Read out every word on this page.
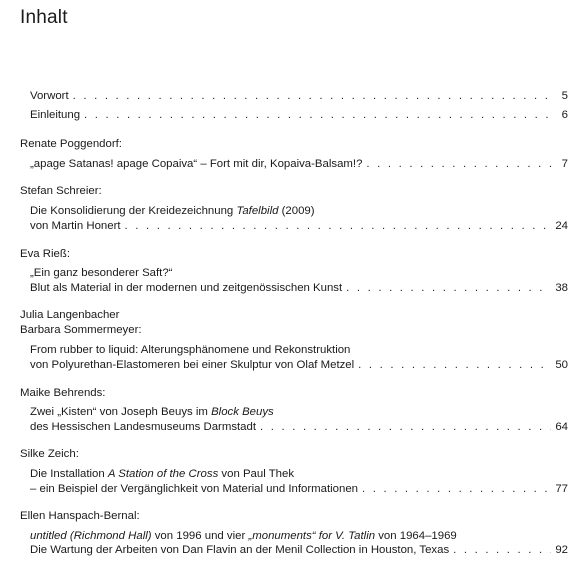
Inhalt
Vorwort . . .	5
Einleitung . . .	6
Renate Poggendorf:
„apage Satanas! apage Copaiva“ – Fort mit dir, Kopaiva-Balsam!? . . .	7
Stefan Schreier:
Die Konsolidierung der Kreidezeichnung Tafelbild (2009)
von Martin Honert . . .	24
Eva Rieß:
„Ein ganz besonderer Saft?“
Blut als Material in der modernen und zeitgenössischen Kunst . . .	38
Julia Langenbacher
Barbara Sommermeyer:
From rubber to liquid: Alterungsphänomene und Rekonstruktion
von Polyurethan-Elastomeren bei einer Skulptur von Olaf Metzel . . .	50
Maike Behrends:
Zwei „Kisten“ von Joseph Beuys im Block Beuys
des Hessischen Landesmuseums Darmstadt . . .	64
Silke Zeich:
Die Installation A Station of the Cross von Paul Thek
– ein Beispiel der Vergänglichkeit von Material und Informationen . . .	77
Ellen Hanspach-Bernal:
untitled (Richmond Hall) von 1996 und vier „monuments“ for V. Tatlin von 1964–1969
Die Wartung der Arbeiten von Dan Flavin an der Menil Collection in Houston, Texas . . .	92
